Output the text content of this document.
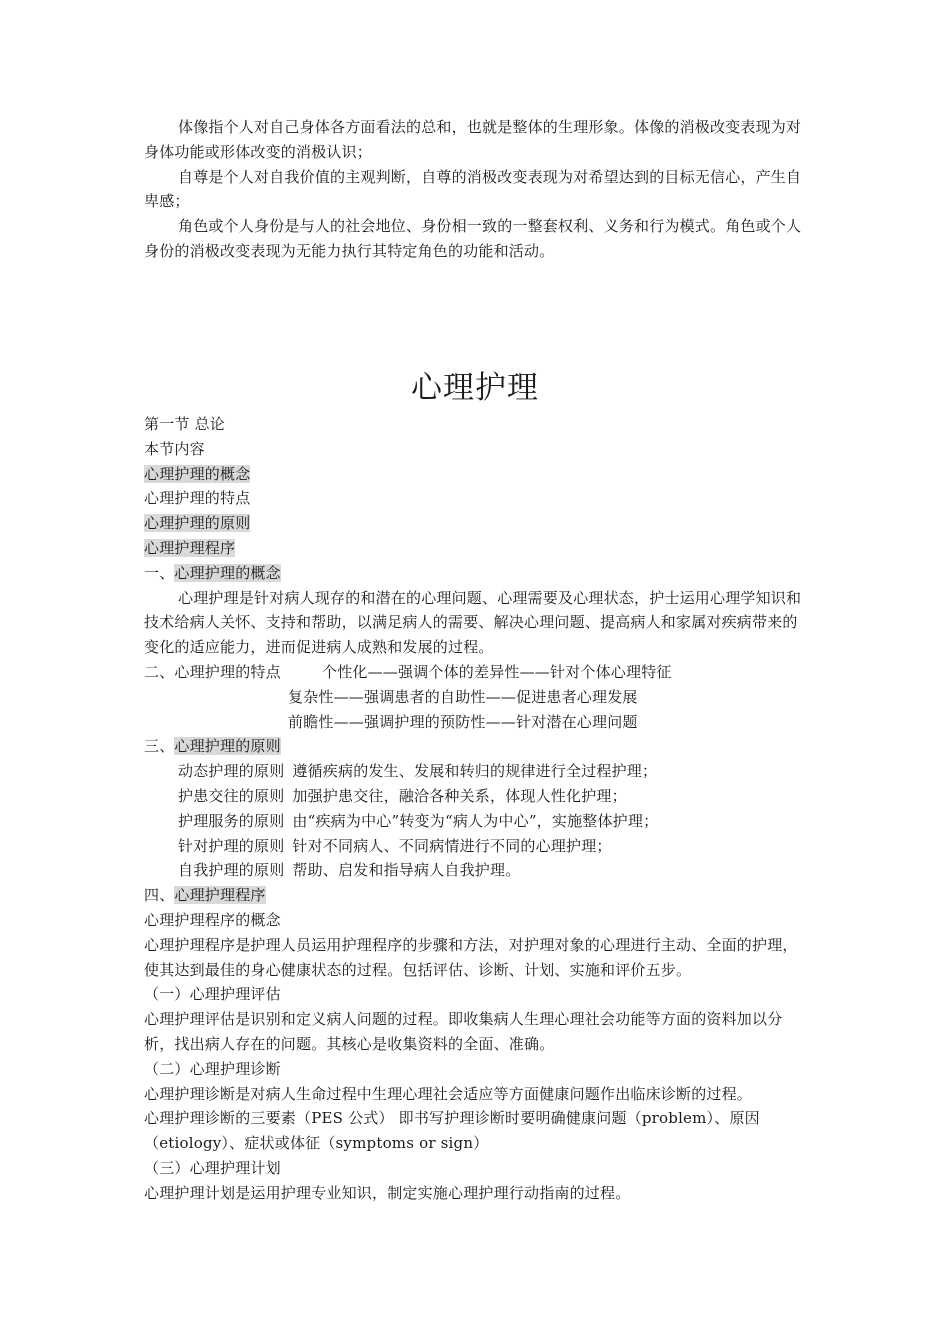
体像指个人对自己身体各方面看法的总和，也就是整体的生理形象。体像的消极改变表现为对身体功能或形体改变的消极认识；

自尊是个人对自我价值的主观判断，自尊的消极改变表现为对希望达到的目标无信心，产生自卑感；

角色或个人身份是与人的社会地位、身份相一致的一整套权利、义务和行为模式。角色或个人身份的消极改变表现为无能力执行其特定角色的功能和活动。

心理护理

第一节 总论

本节内容

心理护理的概念

心理护理的特点

心理护理的原则

心理护理程序

一、心理护理的概念

心理护理是针对病人现存的和潜在的心理问题、心理需要及心理状态，护士运用心理学知识和技术给病人关怀、支持和帮助，以满足病人的需要、解决心理问题、提高病人和家属对疾病带来的变化的适应能力，进而促进病人成熟和发展的过程。

二、心理护理的特点	个性化——强调个体的差异性——针对个体心理特征

复杂性——强调患者的自助性——促进患者心理发展

前瞻性——强调护理的预防性——针对潜在心理问题

三、心理护理的原则

动态护理的原则 遵循疾病的发生、发展和转归的规律进行全过程护理；

护患交往的原则 加强护患交往，融洽各种关系，体现人性化护理；

护理服务的原则 由“疾病为中心”转变为“病人为中心”，实施整体护理；

针对护理的原则 针对不同病人、不同病情进行不同的心理护理；

自我护理的原则 帮助、启发和指导病人自我护理。

四、心理护理程序

心理护理程序的概念

心理护理程序是护理人员运用护理程序的步骤和方法，对护理对象的心理进行主动、全面的护理，使其达到最佳的身心健康状态的过程。包括评估、诊断、计划、实施和评价五步。

（一）心理护理评估

心理护理评估是识别和定义病人问题的过程。即收集病人生理心理社会功能等方面的资料加以分析，找出病人存在的问题。其核心是收集资料的全面、准确。

（二）心理护理诊断

心理护理诊断是对病人生命过程中生理心理社会适应等方面健康问题作出临床诊断的过程。

心理护理诊断的三要素（PES 公式） 即书写护理诊断时要明确健康问题（problem）、原因（etiology）、症状或体征（symptoms or sign）

（三）心理护理计划

心理护理计划是运用护理专业知识，制定实施心理护理行动指南的过程。
